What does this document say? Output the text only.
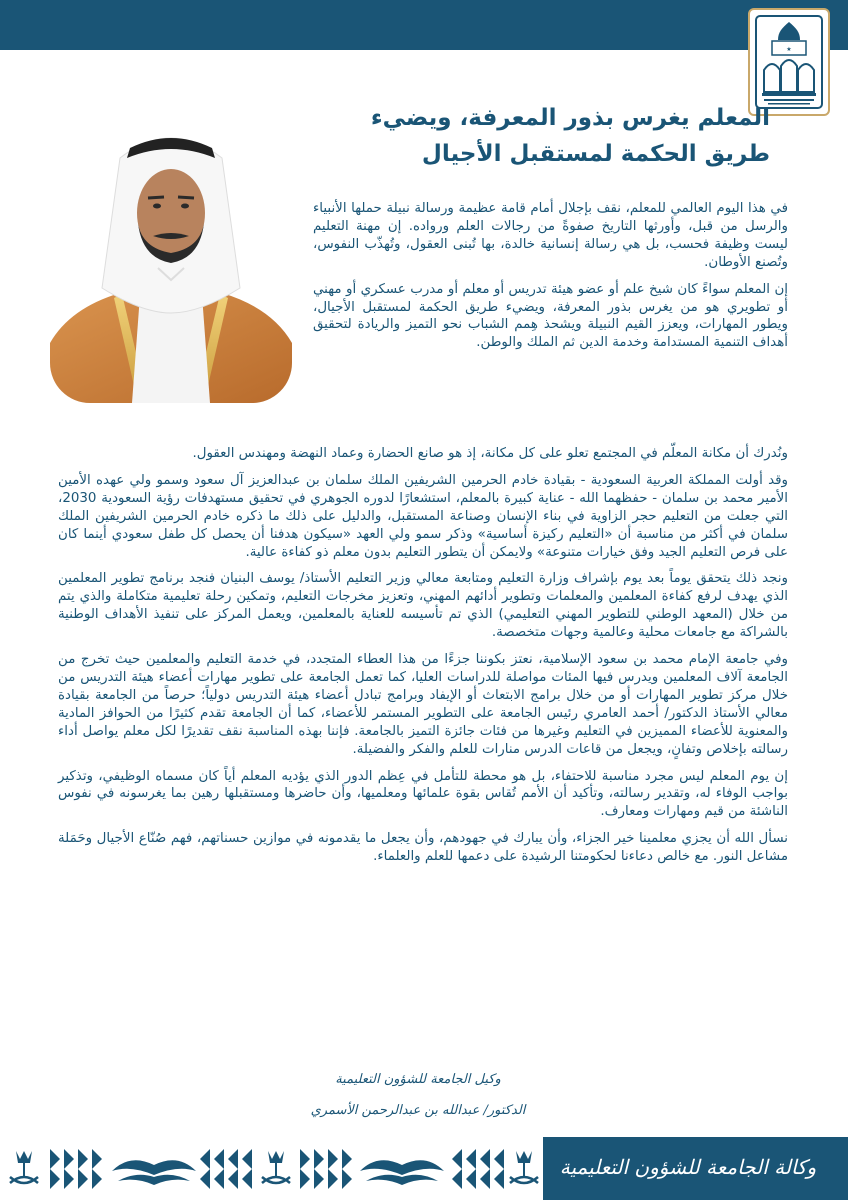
★
المعلم يغرس بذور المعرفة، ويضيء
طريق الحكمة لمستقبل الأجيال

في هذا اليوم العالمي للمعلم، نقف بإجلال أمام قامة عظيمة ورسالة نبيلة حملها الأنبياء والرسل من قبل، وأورثها التاريخ صفوةً من رجالات العلم ورواده. إن مهنة التعليم ليست وظيفة فحسب، بل هي رسالة إنسانية خالدة، بها تُبنى العقول، وتُهذّب النفوس، وتُصنع الأوطان.

إن المعلم سواءً كان شيخ علم أو عضو هيئة تدريس أو معلم أو مدرب عسكري أو مهني أو تطويري هو من يغرس بذور المعرفة، ويضيء طريق الحكمة لمستقبل الأجيال، ويطور المهارات، ويعزز القيم النبيلة ويشحذ هِمم الشباب نحو التميز والريادة لتحقيق أهداف التنمية المستدامة وخدمة الدين ثم الملك والوطن.

ونُدرك أن مكانة المعلّم في المجتمع تعلو على كل مكانة، إذ هو صانع الحضارة وعماد النهضة ومهندس العقول.

وقد أولت المملكة العربية السعودية - بقيادة خادم الحرمين الشريفين الملك سلمان بن عبدالعزيز آل سعود وسمو ولي عهده الأمين الأمير محمد بن سلمان - حفظهما الله - عناية كبيرة بالمعلم، استشعارًا لدوره الجوهري في تحقيق مستهدفات رؤية السعودية 2030، التي جعلت من التعليم حجر الزاوية في بناء الإنسان وصناعة المستقبل، والدليل على ذلك ما ذكره خادم الحرمين الشريفين الملك سلمان في أكثر من مناسبة أن «التعليم ركيزة أساسية» وذكر سمو ولي العهد «سيكون هدفنا أن يحصل كل طفل سعودي أينما كان على فرص التعليم الجيد وفق خيارات متنوعة» ولايمكن أن يتطور التعليم بدون معلم ذو كفاءة عالية.

ونجد ذلك يتحقق يوماً بعد يوم بإشراف وزارة التعليم ومتابعة معالي وزير التعليم الأستاذ/ يوسف البنيان فنجد برنامج تطوير المعلمين الذي يهدف لرفع كفاءة المعلمين والمعلمات وتطوير أدائهم المهني، وتعزيز مخرجات التعليم، وتمكين رحلة تعليمية متكاملة والذي يتم من خلال (المعهد الوطني للتطوير المهني التعليمي) الذي تم تأسيسه للعناية بالمعلمين، ويعمل المركز على تنفيذ الأهداف الوطنية بالشراكة مع جامعات محلية وعالمية وجهات متخصصة.

وفي جامعة الإمام محمد بن سعود الإسلامية، نعتز بكوننا جزءًا من هذا العطاء المتجدد، في خدمة التعليم والمعلمين حيث تخرج من الجامعة آلاف المعلمين ويدرس فيها المئات مواصلة للدراسات العليا، كما تعمل الجامعة على تطوير مهارات أعضاء هيئة التدريس من خلال مركز تطوير المهارات أو من خلال برامج الابتعاث أو الإيفاد وبرامج تبادل أعضاء هيئة التدريس دولياً؛ حرصاً من الجامعة بقيادة معالي الأستاذ الدكتور/ أحمد العامري رئيس الجامعة على التطوير المستمر للأعضاء، كما أن الجامعة تقدم كثيرًا من الحوافز المادية والمعنوية للأعضاء المميزين في التعليم وغيرها من فئات جائزة التميز بالجامعة. فإننا بهذه المناسبة نقف تقديرًا لكل معلم يواصل أداء رسالته بإخلاص وتفانٍ، ويجعل من قاعات الدرس منارات للعلم والفكر والفضيلة.

إن يوم المعلم ليس مجرد مناسبة للاحتفاء، بل هو محطة للتأمل في عِظم الدور الذي يؤديه المعلم أياً كان مسماه الوظيفي، وتذكير بواجب الوفاء له، وتقدير رسالته، وتأكيد أن الأمم تُقاس بقوة علمائها ومعلميها، وأن حاضرها ومستقبلها رهين بما يغرسونه في نفوس الناشئة من قيم ومهارات ومعارف.

نسأل الله أن يجزي معلمينا خير الجزاء، وأن يبارك في جهودهم، وأن يجعل ما يقدمونه في موازين حسناتهم، فهم صُنّاع الأجيال وحَمَلة مشاعل النور. مع خالص دعاءنا لحكومتنا الرشيدة على دعمها للعلم والعلماء.

وكيل الجامعة للشؤون التعليمية
الدكتور/ عبدالله بن عبدالرحمن الأسمري
وكالة الجامعة للشؤون التعليمية
